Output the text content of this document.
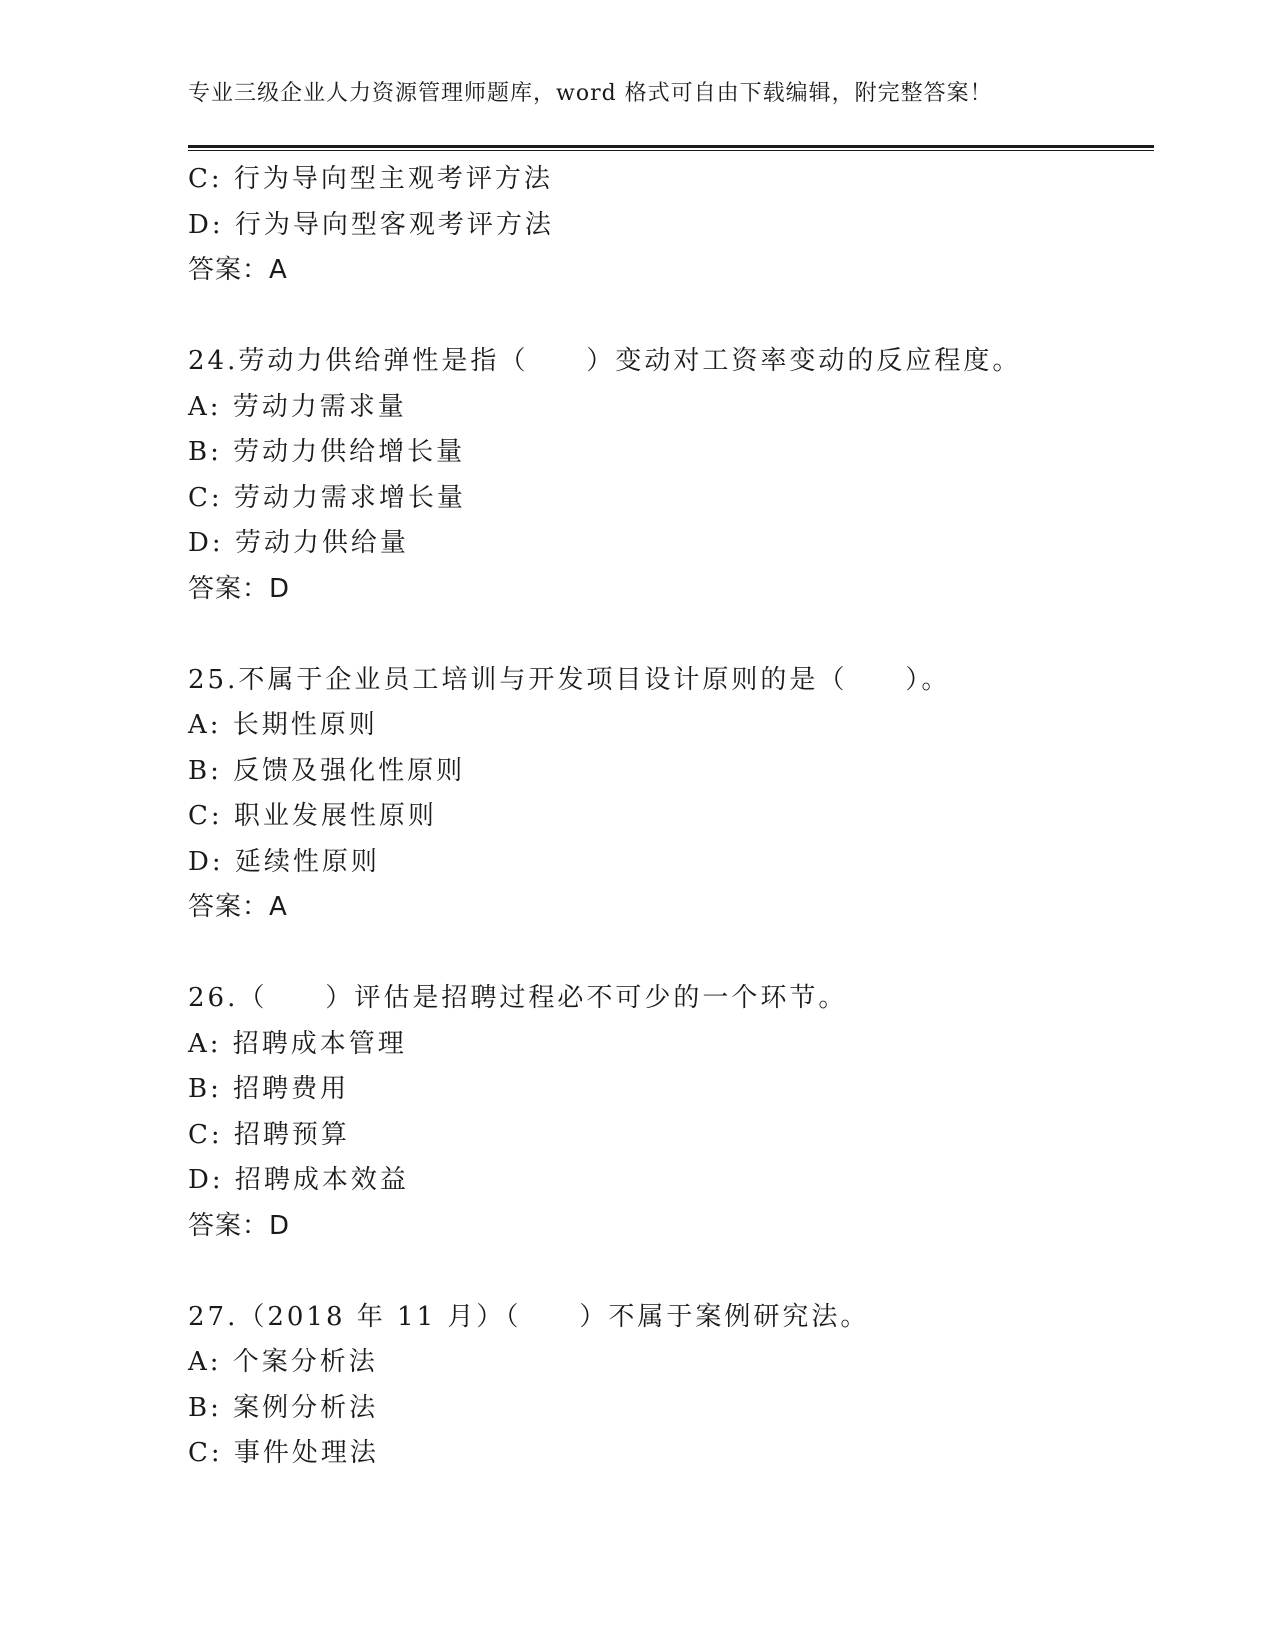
专业三级企业人力资源管理师题库，word 格式可自由下载编辑，附完整答案！
C: 行为导向型主观考评方法
D: 行为导向型客观考评方法
答案：A
24.劳动力供给弹性是指（　　）变动对工资率变动的反应程度。
A: 劳动力需求量
B: 劳动力供给增长量
C: 劳动力需求增长量
D: 劳动力供给量
答案：D
25.不属于企业员工培训与开发项目设计原则的是（　　）。
A: 长期性原则
B: 反馈及强化性原则
C: 职业发展性原则
D: 延续性原则
答案：A
26.（　　）评估是招聘过程必不可少的一个环节。
A: 招聘成本管理
B: 招聘费用
C: 招聘预算
D: 招聘成本效益
答案：D
27.（2018 年 11 月）（　　）不属于案例研究法。
A: 个案分析法
B: 案例分析法
C: 事件处理法
